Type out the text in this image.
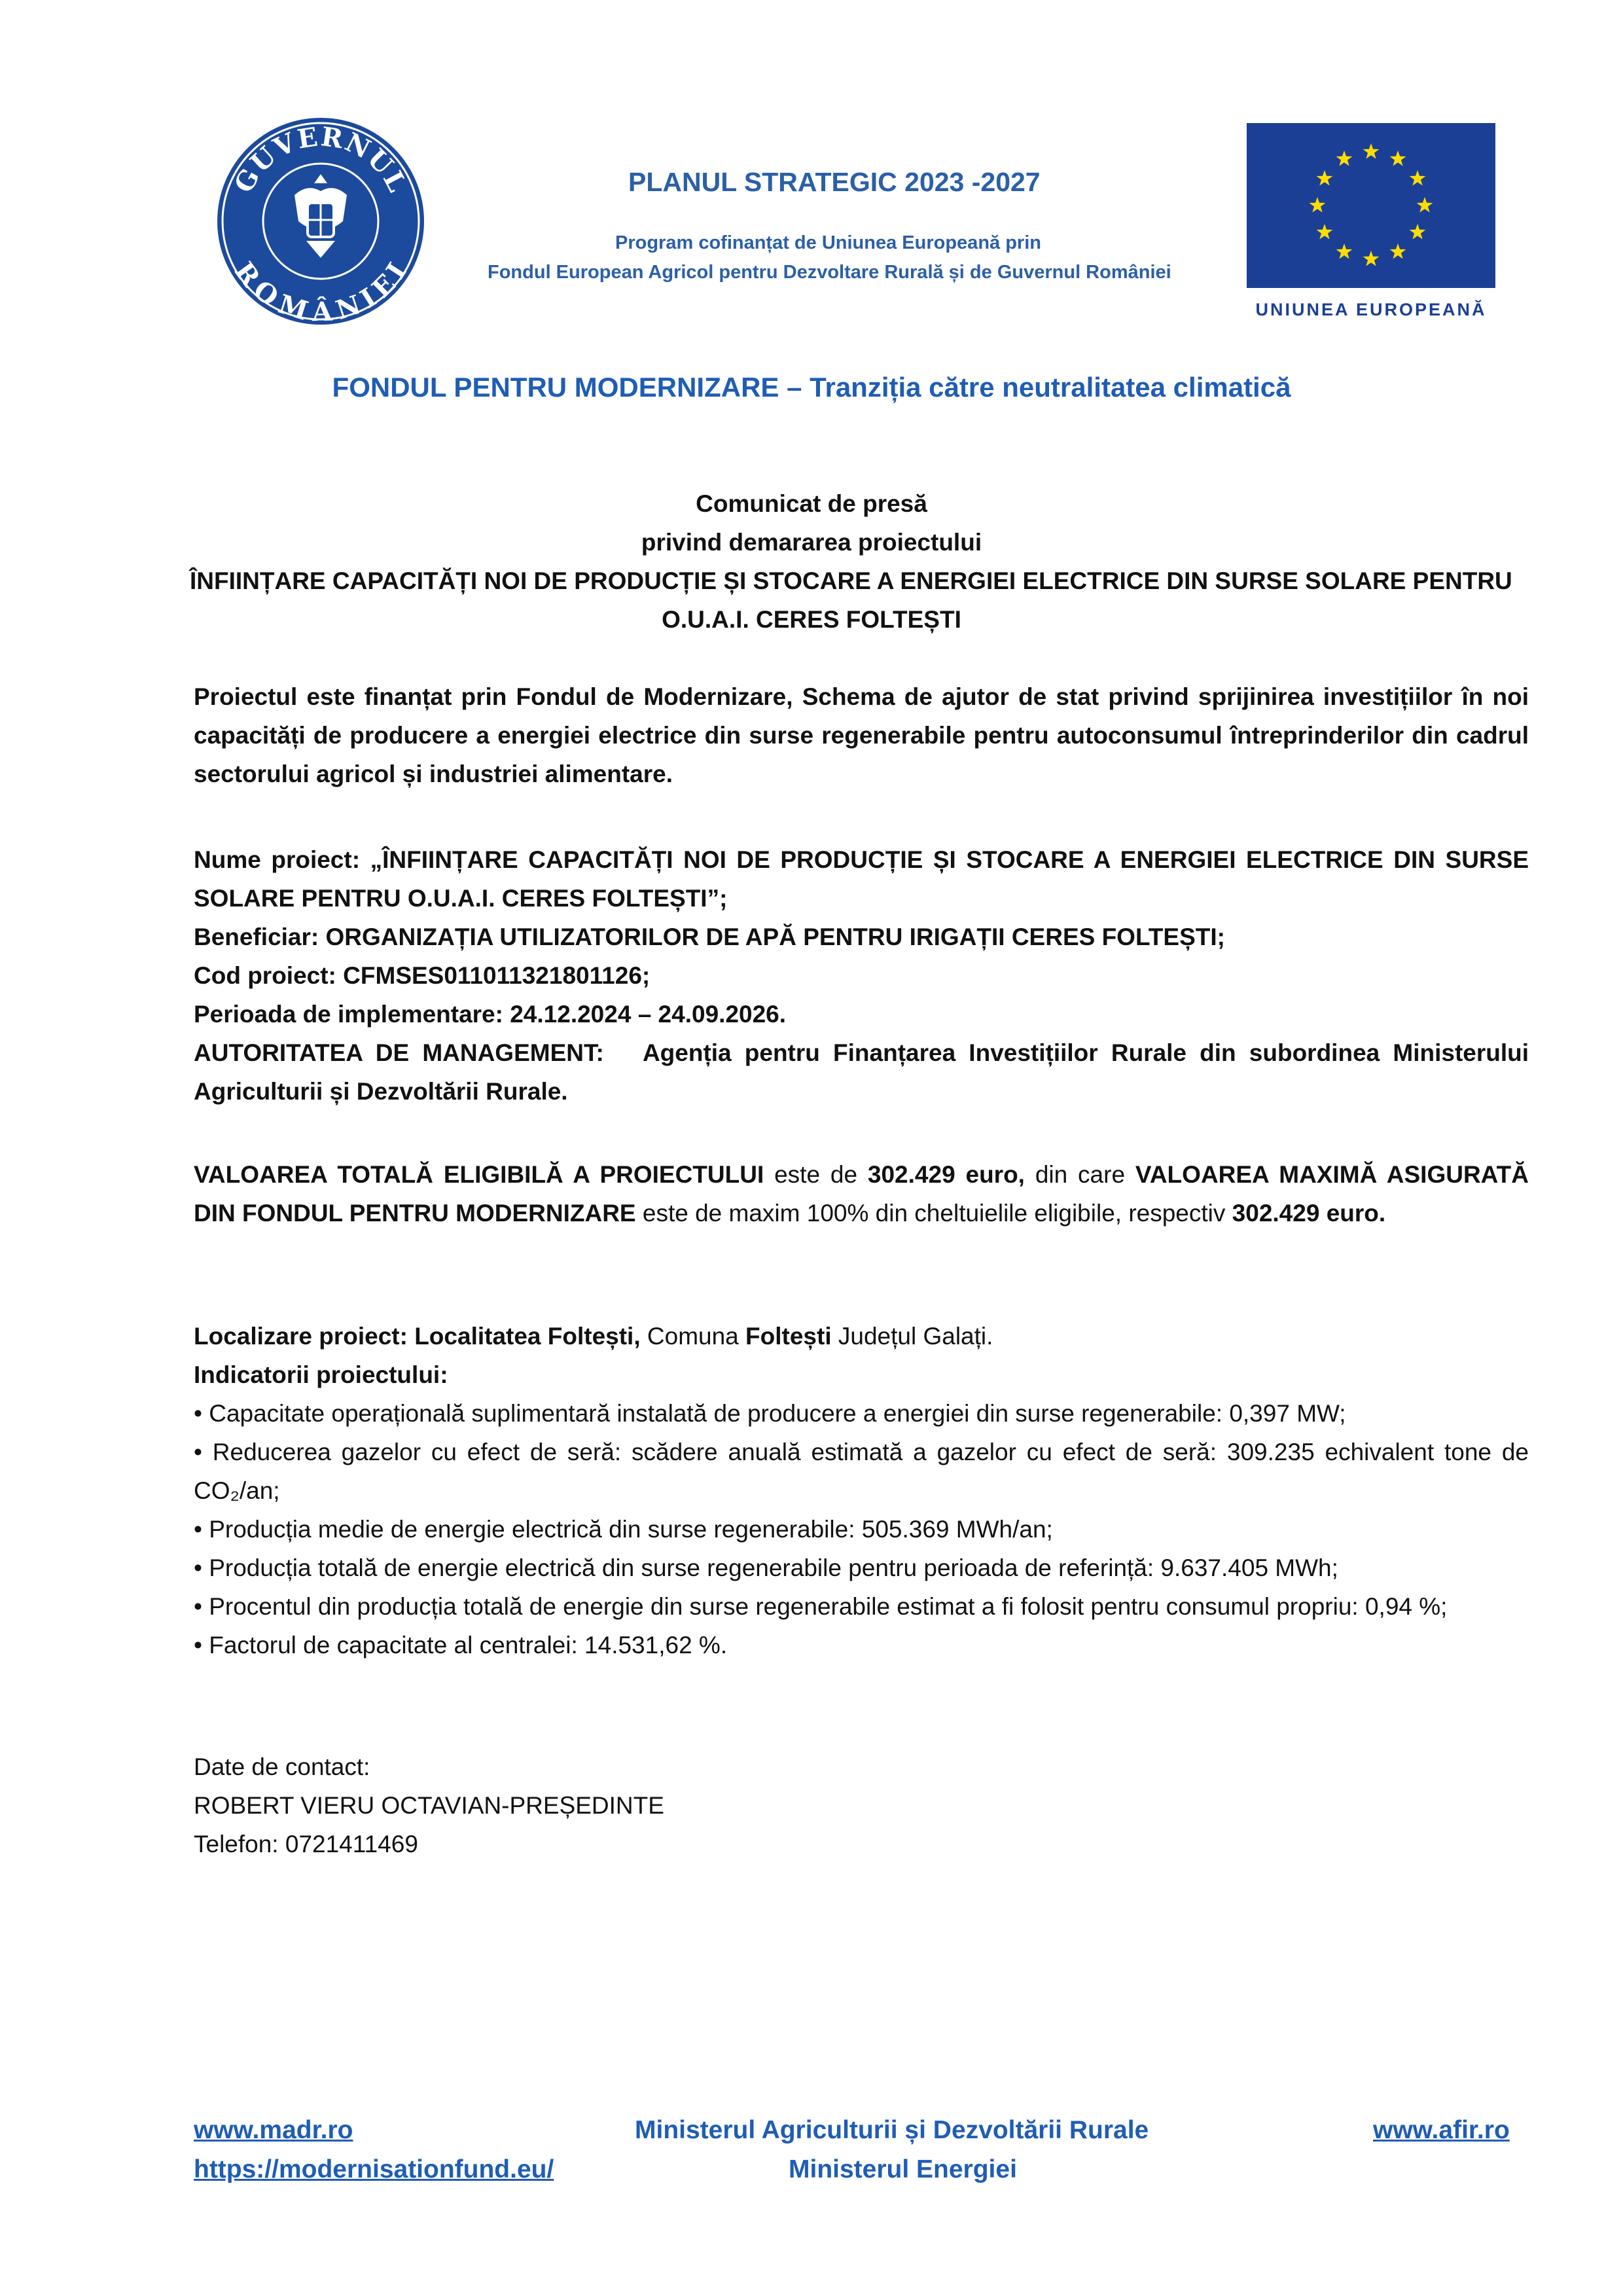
GUVERNUL
ROMÂNIEI
PLANUL STRATEGIC 2023 -2027
Program cofinanțat de Uniunea Europeană prin
Fondul European Agricol pentru Dezvoltare Rurală și de Guvernul României
UNIUNEA EUROPEANĂ
FONDUL PENTRU MODERNIZARE – Tranziția către neutralitatea climatică
Comunicat de presă
privind demararea proiectului
ÎNFIINȚARE CAPACITĂȚI NOI DE PRODUCȚIE ȘI STOCARE A ENERGIEI ELECTRICE DIN SURSE SOLARE PENTRU
O.U.A.I. CERES FOLTEȘTI
Proiectul este finanțat prin Fondul de Modernizare, Schema de ajutor de stat privind sprijinirea investițiilor în noi capacități de producere a energiei electrice din surse regenerabile pentru autoconsumul întreprinderilor din cadrul sectorului agricol și industriei alimentare.
Nume proiect: „ÎNFIINȚARE CAPACITĂȚI NOI DE PRODUCȚIE ȘI STOCARE A ENERGIEI ELECTRICE DIN SURSE SOLARE PENTRU O.U.A.I. CERES FOLTEȘTI”;
Beneficiar: ORGANIZAȚIA UTILIZATORILOR DE APĂ PENTRU IRIGAȚII CERES FOLTEȘTI;
Cod proiect: CFMSES011011321801126;
Perioada de implementare: 24.12.2024 – 24.09.2026.
AUTORITATEA DE MANAGEMENT:   Agenția pentru Finanțarea Investițiilor Rurale din subordinea Ministerului Agriculturii și Dezvoltării Rurale.
VALOAREA TOTALĂ ELIGIBILĂ A PROIECTULUI este de 302.429 euro, din care VALOAREA MAXIMĂ ASIGURATĂ DIN FONDUL PENTRU MODERNIZARE este de maxim 100% din cheltuielile eligibile, respectiv 302.429 euro.
Localizare proiect: Localitatea Foltești, Comuna Foltești Județul Galați.
Indicatorii proiectului:
• Capacitate operațională suplimentară instalată de producere a energiei din surse regenerabile: 0,397 MW;
• Reducerea gazelor cu efect de seră: scădere anuală estimată a gazelor cu efect de seră: 309.235 echivalent tone de CO₂/an;
• Producția medie de energie electrică din surse regenerabile: 505.369 MWh/an;
• Producția totală de energie electrică din surse regenerabile pentru perioada de referință: 9.637.405 MWh;
• Procentul din producția totală de energie din surse regenerabile estimat a fi folosit pentru consumul propriu: 0,94 %;
• Factorul de capacitate al centralei: 14.531,62 %.
Date de contact:
ROBERT VIERU OCTAVIAN-PREȘEDINTE
Telefon: 0721411469
www.madr.ro
https://modernisationfund.eu/
Ministerul Agriculturii și Dezvoltării Rurale
Ministerul Energiei
www.afir.ro
